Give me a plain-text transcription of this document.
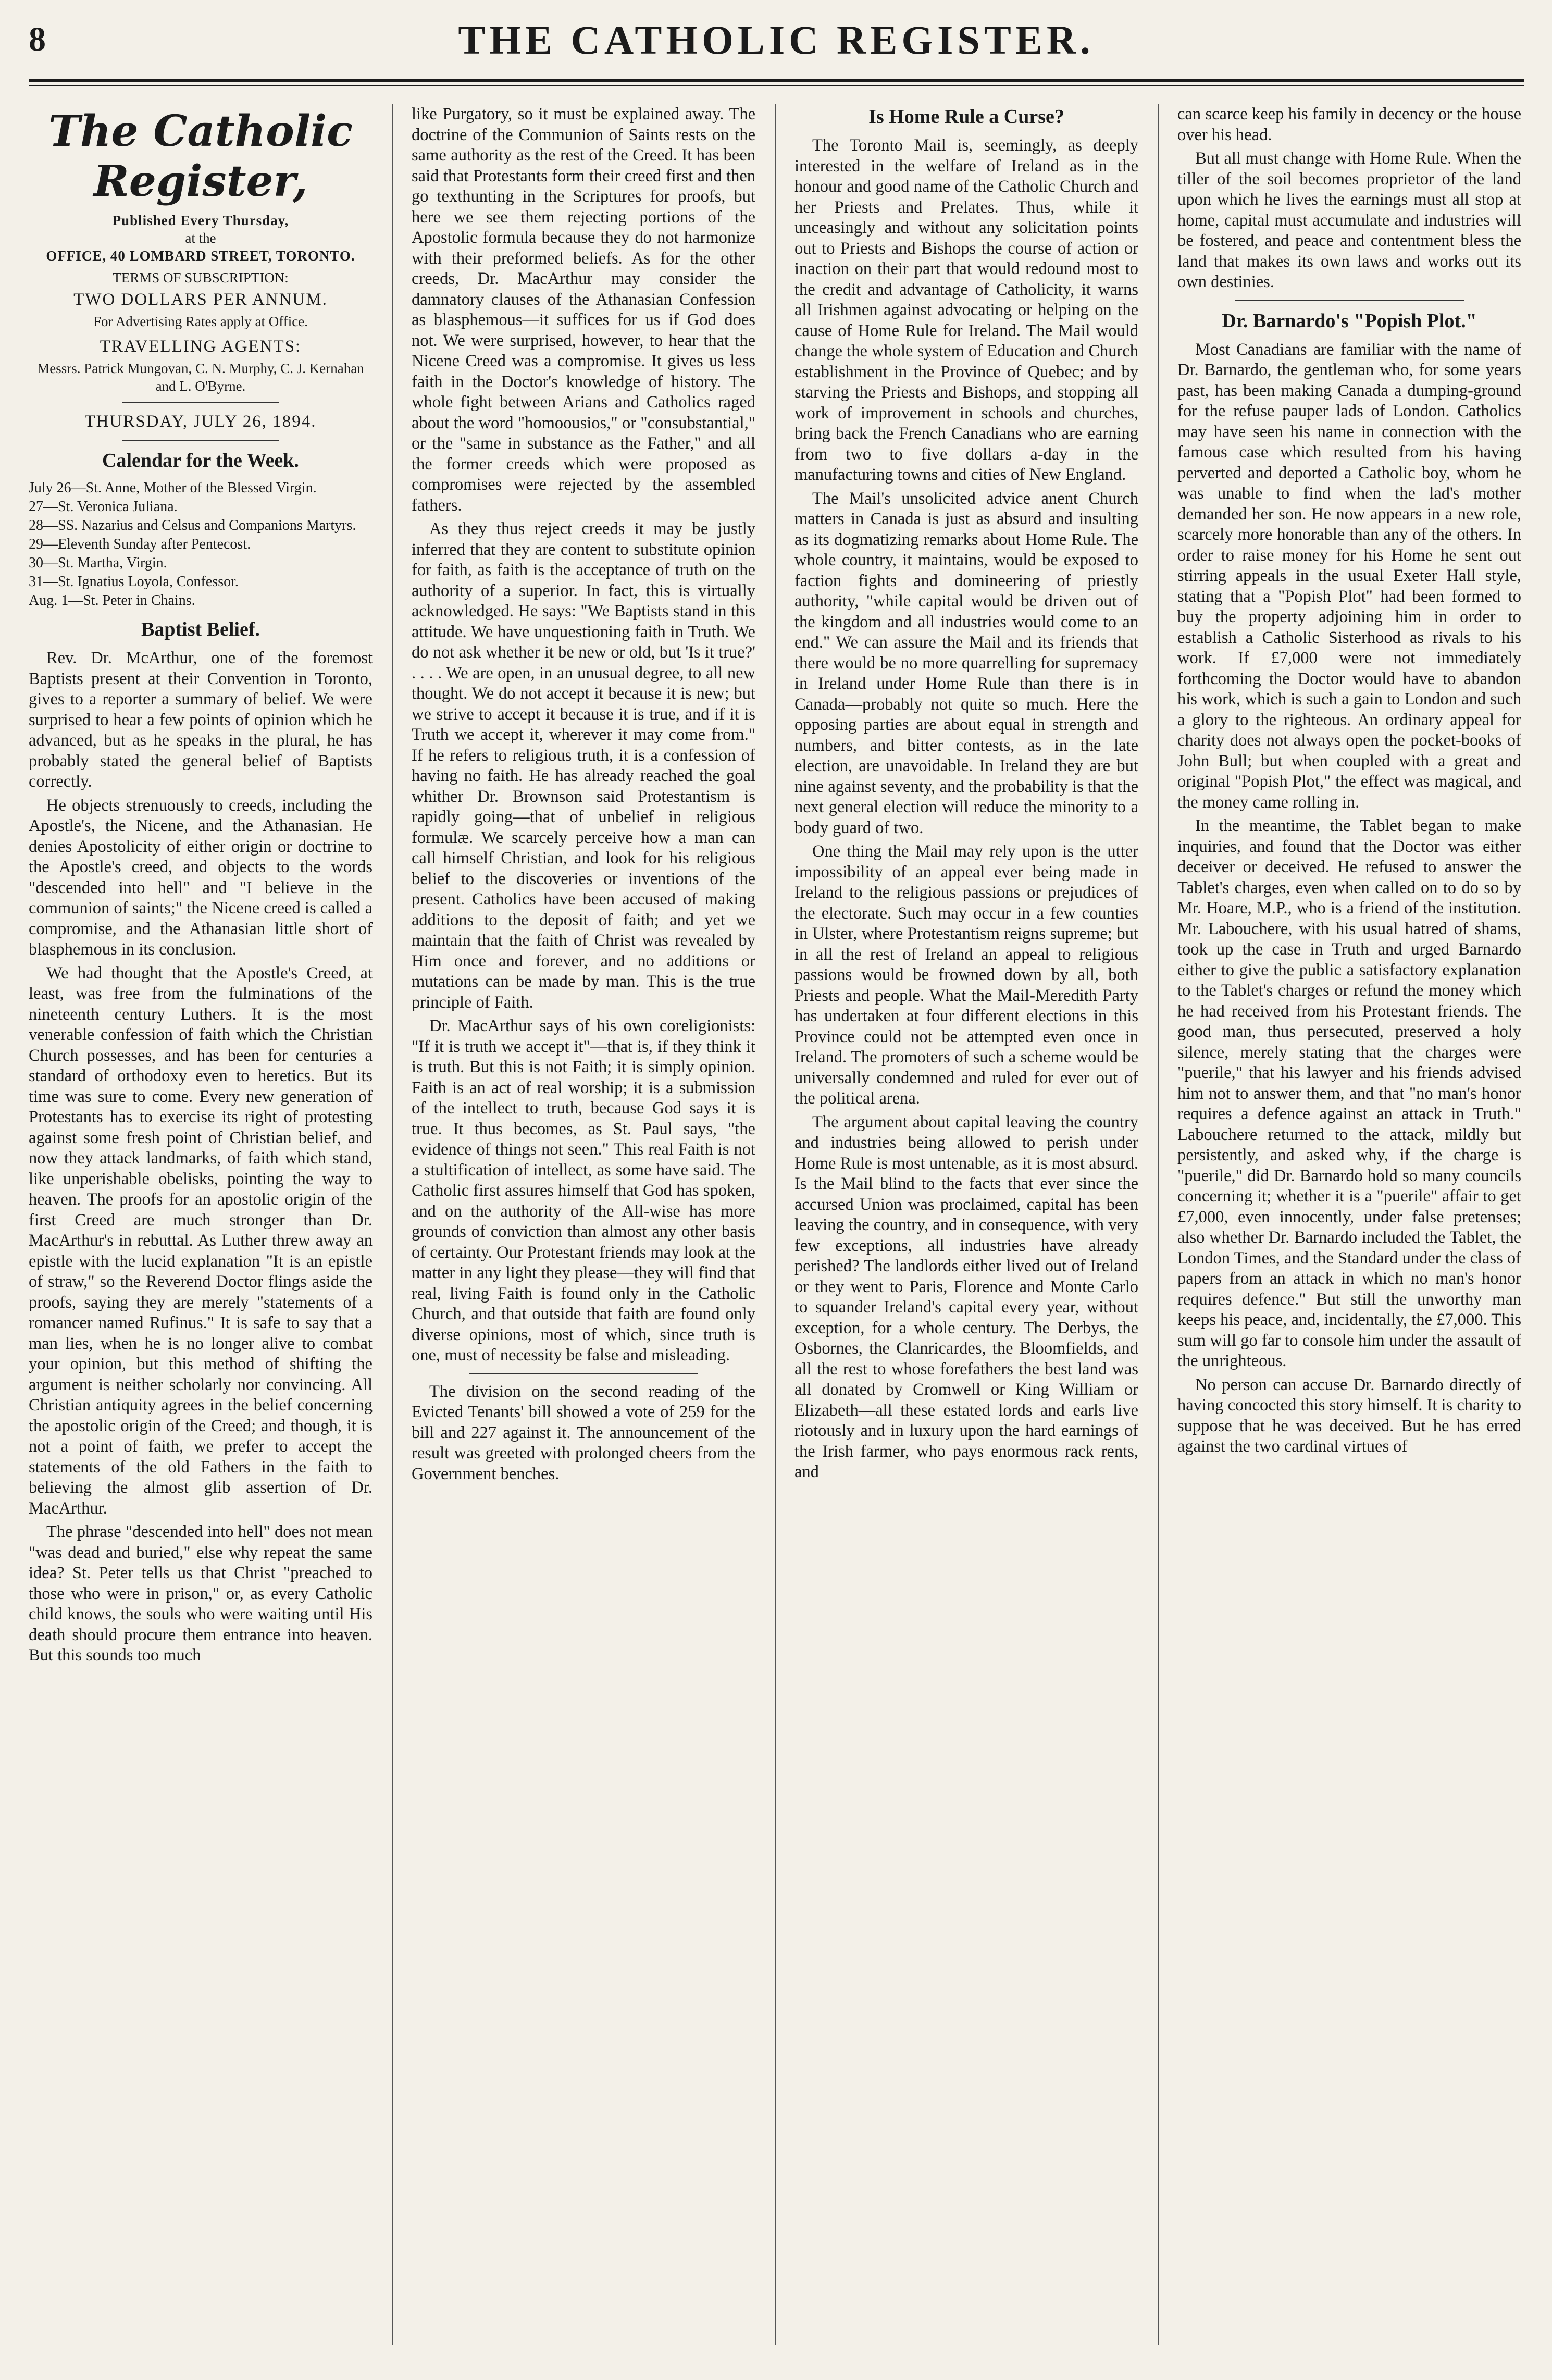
8	THE CATHOLIC REGISTER.
The Catholic Register,

Published Every Thursday,

at the

OFFICE, 40 LOMBARD STREET, TORONTO.

TERMS OF SUBSCRIPTION:

TWO DOLLARS PER ANNUM.

For Advertising Rates apply at Office.

TRAVELLING AGENTS:

Messrs. Patrick Mungovan, C. N. Murphy, C. J. Kernahan and L. O'Byrne.

THURSDAY, JULY 26, 1894.

Calendar for the Week.

July 26—St. Anne, Mother of the Blessed Virgin.

27—St. Veronica Juliana.

28—SS. Nazarius and Celsus and Companions Martyrs.

29—Eleventh Sunday after Pentecost.

30—St. Martha, Virgin.

31—St. Ignatius Loyola, Confessor.

Aug. 1—St. Peter in Chains.

Baptist Belief.

Rev. Dr. McArthur, one of the foremost Baptists present at their Convention in Toronto, gives to a reporter a summary of belief. We were surprised to hear a few points of opinion which he advanced, but as he speaks in the plural, he has probably stated the general belief of Baptists correctly.

He objects strenuously to creeds, including the Apostle's, the Nicene, and the Athanasian. He denies Apostolicity of either origin or doctrine to the Apostle's creed, and objects to the words "descended into hell" and "I believe in the communion of saints;" the Nicene creed is called a compromise, and the Athanasian little short of blasphemous in its conclusion.

We had thought that the Apostle's Creed, at least, was free from the fulminations of the nineteenth century Luthers. It is the most venerable confession of faith which the Christian Church possesses, and has been for centuries a standard of orthodoxy even to heretics. But its time was sure to come. Every new generation of Protestants has to exercise its right of protesting against some fresh point of Christian belief, and now they attack landmarks, of faith which stand, like unperishable obelisks, pointing the way to heaven. The proofs for an apostolic origin of the first Creed are much stronger than Dr. MacArthur's in rebuttal. As Luther threw away an epistle with the lucid explanation "It is an epistle of straw," so the Reverend Doctor flings aside the proofs, saying they are merely "statements of a romancer named Rufinus." It is safe to say that a man lies, when he is no longer alive to combat your opinion, but this method of shifting the argument is neither scholarly nor convincing. All Christian antiquity agrees in the belief concerning the apostolic origin of the Creed; and though, it is not a point of faith, we prefer to accept the statements of the old Fathers in the faith to believing the almost glib assertion of Dr. MacArthur.

The phrase "descended into hell" does not mean "was dead and buried," else why repeat the same idea? St. Peter tells us that Christ "preached to those who were in prison," or, as every Catholic child knows, the souls who were waiting until His death should procure them entrance into heaven. But this sounds too much

like Purgatory, so it must be explained away. The doctrine of the Communion of Saints rests on the same authority as the rest of the Creed. It has been said that Protestants form their creed first and then go texthunting in the Scriptures for proofs, but here we see them rejecting portions of the Apostolic formula because they do not harmonize with their preformed beliefs. As for the other creeds, Dr. MacArthur may consider the damnatory clauses of the Athanasian Confession as blasphemous—it suffices for us if God does not. We were surprised, however, to hear that the Nicene Creed was a compromise. It gives us less faith in the Doctor's knowledge of history. The whole fight between Arians and Catholics raged about the word "homoousios," or "consubstantial," or the "same in substance as the Father," and all the former creeds which were proposed as compromises were rejected by the assembled fathers.

As they thus reject creeds it may be justly inferred that they are content to substitute opinion for faith, as faith is the acceptance of truth on the authority of a superior. In fact, this is virtually acknowledged. He says: "We Baptists stand in this attitude. We have unquestioning faith in Truth. We do not ask whether it be new or old, but 'Is it true?' . . . . We are open, in an unusual degree, to all new thought. We do not accept it because it is new; but we strive to accept it because it is true, and if it is Truth we accept it, wherever it may come from." If he refers to religious truth, it is a confession of having no faith. He has already reached the goal whither Dr. Brownson said Protestantism is rapidly going—that of unbelief in religious formulæ. We scarcely perceive how a man can call himself Christian, and look for his religious belief to the discoveries or inventions of the present. Catholics have been accused of making additions to the deposit of faith; and yet we maintain that the faith of Christ was revealed by Him once and forever, and no additions or mutations can be made by man. This is the true principle of Faith.

Dr. MacArthur says of his own coreligionists: "If it is truth we accept it"—that is, if they think it is truth. But this is not Faith; it is simply opinion. Faith is an act of real worship; it is a submission of the intellect to truth, because God says it is true. It thus becomes, as St. Paul says, "the evidence of things not seen." This real Faith is not a stultification of intellect, as some have said. The Catholic first assures himself that God has spoken, and on the authority of the All-wise has more grounds of conviction than almost any other basis of certainty. Our Protestant friends may look at the matter in any light they please—they will find that real, living Faith is found only in the Catholic Church, and that outside that faith are found only diverse opinions, most of which, since truth is one, must of necessity be false and misleading.

The division on the second reading of the Evicted Tenants' bill showed a vote of 259 for the bill and 227 against it. The announcement of the result was greeted with prolonged cheers from the Government benches.

Is Home Rule a Curse?

The Toronto Mail is, seemingly, as deeply interested in the welfare of Ireland as in the honour and good name of the Catholic Church and her Priests and Prelates. Thus, while it unceasingly and without any solicitation points out to Priests and Bishops the course of action or inaction on their part that would redound most to the credit and advantage of Catholicity, it warns all Irishmen against advocating or helping on the cause of Home Rule for Ireland. The Mail would change the whole system of Education and Church establishment in the Province of Quebec; and by starving the Priests and Bishops, and stopping all work of improvement in schools and churches, bring back the French Canadians who are earning from two to five dollars a-day in the manufacturing towns and cities of New England.

The Mail's unsolicited advice anent Church matters in Canada is just as absurd and insulting as its dogmatizing remarks about Home Rule. The whole country, it maintains, would be exposed to faction fights and domineering of priestly authority, "while capital would be driven out of the kingdom and all industries would come to an end." We can assure the Mail and its friends that there would be no more quarrelling for supremacy in Ireland under Home Rule than there is in Canada—probably not quite so much. Here the opposing parties are about equal in strength and numbers, and bitter contests, as in the late election, are unavoidable. In Ireland they are but nine against seventy, and the probability is that the next general election will reduce the minority to a body guard of two.

One thing the Mail may rely upon is the utter impossibility of an appeal ever being made in Ireland to the religious passions or prejudices of the electorate. Such may occur in a few counties in Ulster, where Protestantism reigns supreme; but in all the rest of Ireland an appeal to religious passions would be frowned down by all, both Priests and people. What the Mail-Meredith Party has undertaken at four different elections in this Province could not be attempted even once in Ireland. The promoters of such a scheme would be universally condemned and ruled for ever out of the political arena.

The argument about capital leaving the country and industries being allowed to perish under Home Rule is most untenable, as it is most absurd. Is the Mail blind to the facts that ever since the accursed Union was proclaimed, capital has been leaving the country, and in consequence, with very few exceptions, all industries have already perished? The landlords either lived out of Ireland or they went to Paris, Florence and Monte Carlo to squander Ireland's capital every year, without exception, for a whole century. The Derbys, the Osbornes, the Clanricardes, the Bloomfields, and all the rest to whose forefathers the best land was all donated by Cromwell or King William or Elizabeth—all these estated lords and earls live riotously and in luxury upon the hard earnings of the Irish farmer, who pays enormous rack rents, and

can scarce keep his family in decency or the house over his head.

But all must change with Home Rule. When the tiller of the soil becomes proprietor of the land upon which he lives the earnings must all stop at home, capital must accumulate and industries will be fostered, and peace and contentment bless the land that makes its own laws and works out its own destinies.

Dr. Barnardo's "Popish Plot."

Most Canadians are familiar with the name of Dr. Barnardo, the gentleman who, for some years past, has been making Canada a dumping-ground for the refuse pauper lads of London. Catholics may have seen his name in connection with the famous case which resulted from his having perverted and deported a Catholic boy, whom he was unable to find when the lad's mother demanded her son. He now appears in a new role, scarcely more honorable than any of the others. In order to raise money for his Home he sent out stirring appeals in the usual Exeter Hall style, stating that a "Popish Plot" had been formed to buy the property adjoining him in order to establish a Catholic Sisterhood as rivals to his work. If £7,000 were not immediately forthcoming the Doctor would have to abandon his work, which is such a gain to London and such a glory to the righteous. An ordinary appeal for charity does not always open the pocket-books of John Bull; but when coupled with a great and original "Popish Plot," the effect was magical, and the money came rolling in.

In the meantime, the Tablet began to make inquiries, and found that the Doctor was either deceiver or deceived. He refused to answer the Tablet's charges, even when called on to do so by Mr. Hoare, M.P., who is a friend of the institution. Mr. Labouchere, with his usual hatred of shams, took up the case in Truth and urged Barnardo either to give the public a satisfactory explanation to the Tablet's charges or refund the money which he had received from his Protestant friends. The good man, thus persecuted, preserved a holy silence, merely stating that the charges were "puerile," that his lawyer and his friends advised him not to answer them, and that "no man's honor requires a defence against an attack in Truth." Labouchere returned to the attack, mildly but persistently, and asked why, if the charge is "puerile," did Dr. Barnardo hold so many councils concerning it; whether it is a "puerile" affair to get £7,000, even innocently, under false pretenses; also whether Dr. Barnardo included the Tablet, the London Times, and the Standard under the class of papers from an attack in which no man's honor requires defence." But still the unworthy man keeps his peace, and, incidentally, the £7,000. This sum will go far to console him under the assault of the unrighteous.

No person can accuse Dr. Barnardo directly of having concocted this story himself. It is charity to suppose that he was deceived. But he has erred against the two cardinal virtues of
